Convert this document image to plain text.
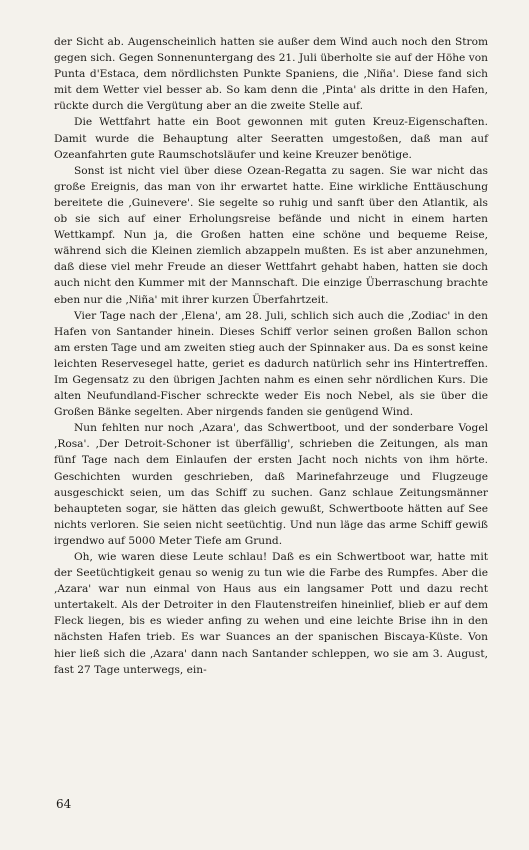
der Sicht ab. Augenscheinlich hatten sie außer dem Wind auch noch den Strom gegen sich. Gegen Sonnenuntergang des 21. Juli überholte sie auf der Höhe von Punta d'Estaca, dem nördlichsten Punkte Spaniens, die ‚Niña'. Diese fand sich mit dem Wetter viel besser ab. So kam denn die ‚Pinta' als dritte in den Hafen, rückte durch die Vergütung aber an die zweite Stelle auf.

Die Wettfahrt hatte ein Boot gewonnen mit guten Kreuz-Eigenschaften. Damit wurde die Behauptung alter Seeratten umgestoßen, daß man auf Ozeanfahrten gute Raumschotsläufer und keine Kreuzer benötige.

Sonst ist nicht viel über diese Ozean-Regatta zu sagen. Sie war nicht das große Ereignis, das man von ihr erwartet hatte. Eine wirkliche Enttäuschung bereitete die ‚Guinevere'. Sie segelte so ruhig und sanft über den Atlantik, als ob sie sich auf einer Erholungsreise befände und nicht in einem harten Wettkampf. Nun ja, die Großen hatten eine schöne und bequeme Reise, während sich die Kleinen ziemlich abzappeln mußten. Es ist aber anzunehmen, daß diese viel mehr Freude an dieser Wettfahrt gehabt haben, hatten sie doch auch nicht den Kummer mit der Mannschaft. Die einzige Überraschung brachte eben nur die ‚Niña' mit ihrer kurzen Überfahrtzeit.

Vier Tage nach der ‚Elena', am 28. Juli, schlich sich auch die ‚Zodiac' in den Hafen von Santander hinein. Dieses Schiff verlor seinen großen Ballon schon am ersten Tage und am zweiten stieg auch der Spinnaker aus. Da es sonst keine leichten Reservesegel hatte, geriet es dadurch natürlich sehr ins Hintertreffen. Im Gegensatz zu den übrigen Jachten nahm es einen sehr nördlichen Kurs. Die alten Neufundland-Fischer schreckte weder Eis noch Nebel, als sie über die Großen Bänke segelten. Aber nirgends fanden sie genügend Wind.

Nun fehlten nur noch ‚Azara', das Schwertboot, und der sonderbare Vogel ‚Rosa'. ‚Der Detroit-Schoner ist überfällig', schrieben die Zeitungen, als man fünf Tage nach dem Einlaufen der ersten Jacht noch nichts von ihm hörte. Geschichten wurden geschrieben, daß Marinefahrzeuge und Flugzeuge ausgeschickt seien, um das Schiff zu suchen. Ganz schlaue Zeitungsmänner behaupteten sogar, sie hätten das gleich gewußt, Schwertboote hätten auf See nichts verloren. Sie seien nicht seetüchtig. Und nun läge das arme Schiff gewiß irgendwo auf 5000 Meter Tiefe am Grund.

Oh, wie waren diese Leute schlau! Daß es ein Schwertboot war, hatte mit der Seetüchtigkeit genau so wenig zu tun wie die Farbe des Rumpfes. Aber die ‚Azara' war nun einmal von Haus aus ein langsamer Pott und dazu recht untertakelt. Als der Detroiter in den Flautenstreifen hineinlief, blieb er auf dem Fleck liegen, bis es wieder anfing zu wehen und eine leichte Brise ihn in den nächsten Hafen trieb. Es war Suances an der spanischen Biscaya-Küste. Von hier ließ sich die ‚Azara' dann nach Santander schleppen, wo sie am 3. August, fast 27 Tage unterwegs, ein-

64
